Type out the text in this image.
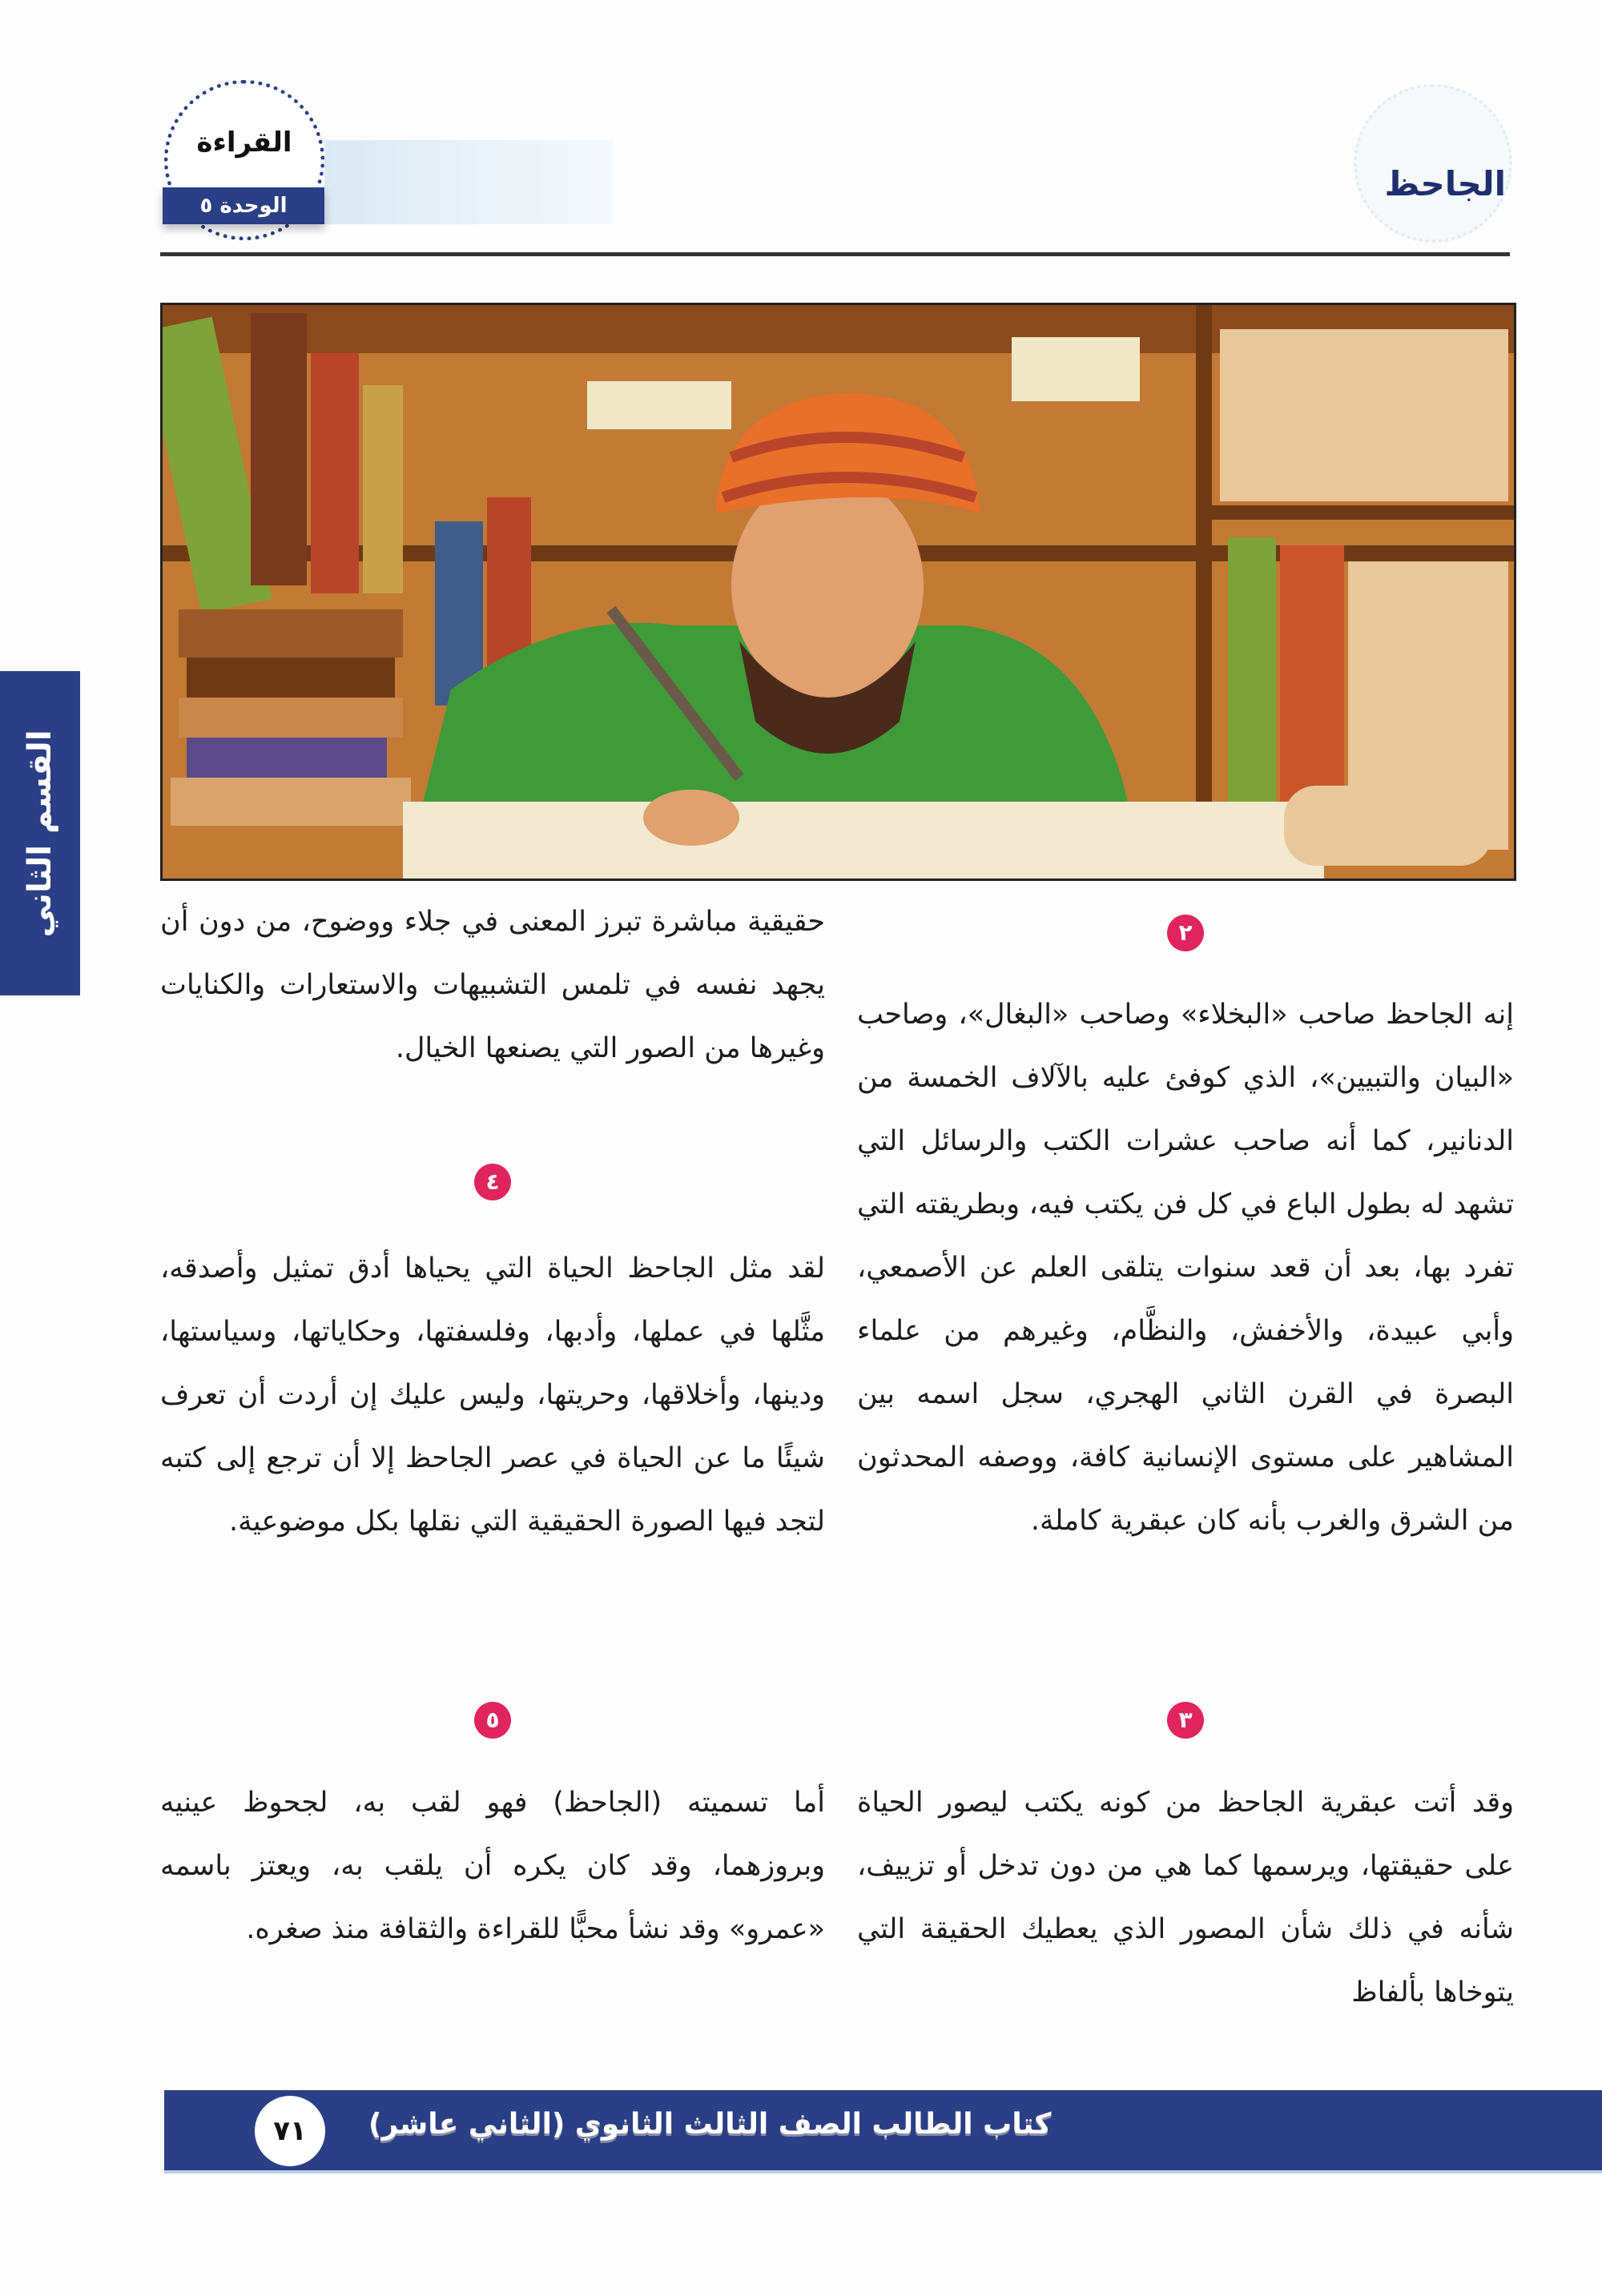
القراءة
الوحدة ٥
الجاحظ
القسم الثاني	٢

إنه الجاحظ صاحب «البخلاء» وصاحب «البغال»، وصاحب «البيان والتبيين»، الذي كوفئ عليه بالآلاف الخمسة من الدنانير، كما أنه صاحب عشرات الكتب والرسائل التي تشهد له بطول الباع في كل فن يكتب فيه، وبطريقته التي تفرد بها، بعد أن قعد سنوات يتلقى العلم عن الأصمعي، وأبي عبيدة، والأخفش، والنظَّام، وغيرهم من علماء البصرة في القرن الثاني الهجري، سجل اسمه بين المشاهير على مستوى الإنسانية كافة، ووصفه المحدثون من الشرق والغرب بأنه كان عبقرية كاملة.

٣

وقد أتت عبقرية الجاحظ من كونه يكتب ليصور الحياة على حقيقتها، ويرسمها كما هي من دون تدخل أو تزييف، شأنه في ذلك شأن المصور الذي يعطيك الحقيقة التي يتوخاها بألفاظ

حقيقية مباشرة تبرز المعنى في جلاء ووضوح، من دون أن يجهد نفسه في تلمس التشبيهات والاستعارات والكنايات وغيرها من الصور التي يصنعها الخيال.

٤

لقد مثل الجاحظ الحياة التي يحياها أدق تمثيل وأصدقه، مثَّلها في عملها، وأدبها، وفلسفتها، وحكاياتها، وسياستها، ودينها، وأخلاقها، وحريتها، وليس عليك إن أردت أن تعرف شيئًا ما عن الحياة في عصر الجاحظ إلا أن ترجع إلى كتبه لتجد فيها الصورة الحقيقية التي نقلها بكل موضوعية.

٥

أما تسميته (الجاحظ) فهو لقب به، لجحوظ عينيه وبروزهما، وقد كان يكره أن يلقب به، ويعتز باسمه «عمرو» وقد نشأ محبًّا للقراءة والثقافة منذ صغره.

٧١	كتاب الطالب الصف الثالث الثانوي (الثاني عاشر)
